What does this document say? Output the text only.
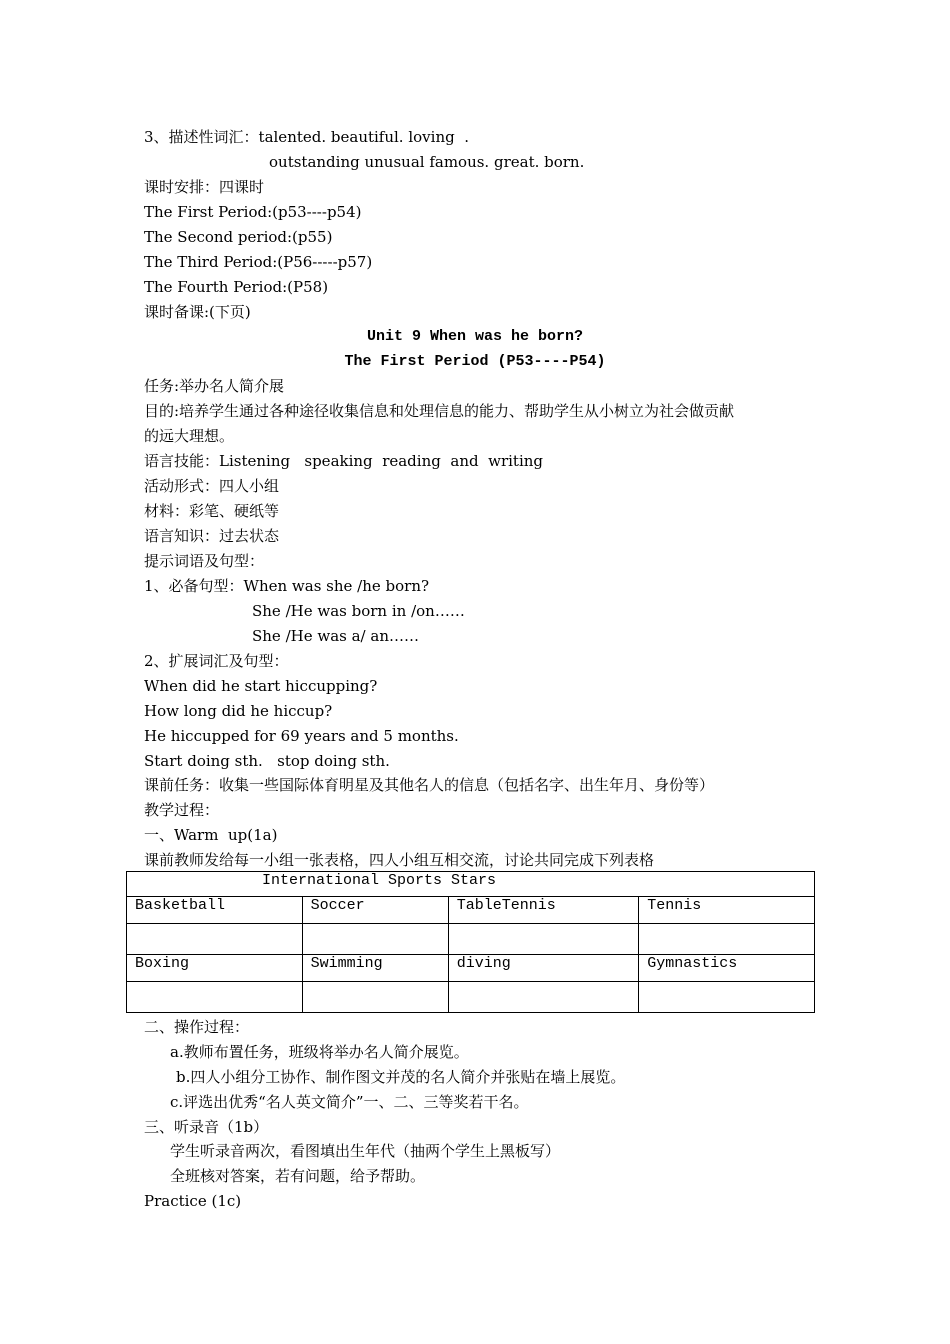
3、描述性词汇：talented. beautiful. loving  .
outstanding unusual famous. great. born.
课时安排：四课时
The First Period:(p53----p54)
The Second period:(p55)
The Third Period:(P56-----p57)
The Fourth Period:(P58)
课时备课:(下页)
Unit 9 When was he born?
The First Period (P53----P54)
任务:举办名人简介展
目的:培养学生通过各种途径收集信息和处理信息的能力、帮助学生从小树立为社会做贡献
的远大理想。
语言技能：Listening   speaking  reading  and  writing
活动形式：四人小组
材料：彩笔、硬纸等
语言知识：过去状态
提示词语及句型：
1、必备句型：When was she /he born?
She /He was born in /on……
She /He was a/ an……
2、扩展词汇及句型：
When did he start hiccupping?
How long did he hiccup?
He hiccupped for 69 years and 5 months.
Start doing sth.   stop doing sth.
课前任务：收集一些国际体育明星及其他名人的信息（包括名字、出生年月、身份等）
教学过程：
一、Warm  up(1a)
课前教师发给每一小组一张表格，四人小组互相交流，讨论共同完成下列表格
International Sports Stars			
Basketball	Soccer	TableTennis	Tennis

Boxing	Swimming	diving	Gymnastics

二、操作过程：
a.教师布置任务，班级将举办名人简介展览。
b.四人小组分工协作、制作图文并茂的名人简介并张贴在墙上展览。
c.评选出优秀“名人英文简介”一、二、三等奖若干名。
三、听录音（1b）
学生听录音两次，看图填出生年代（抽两个学生上黑板写）
全班核对答案，若有问题，给予帮助。
Practice (1c)
